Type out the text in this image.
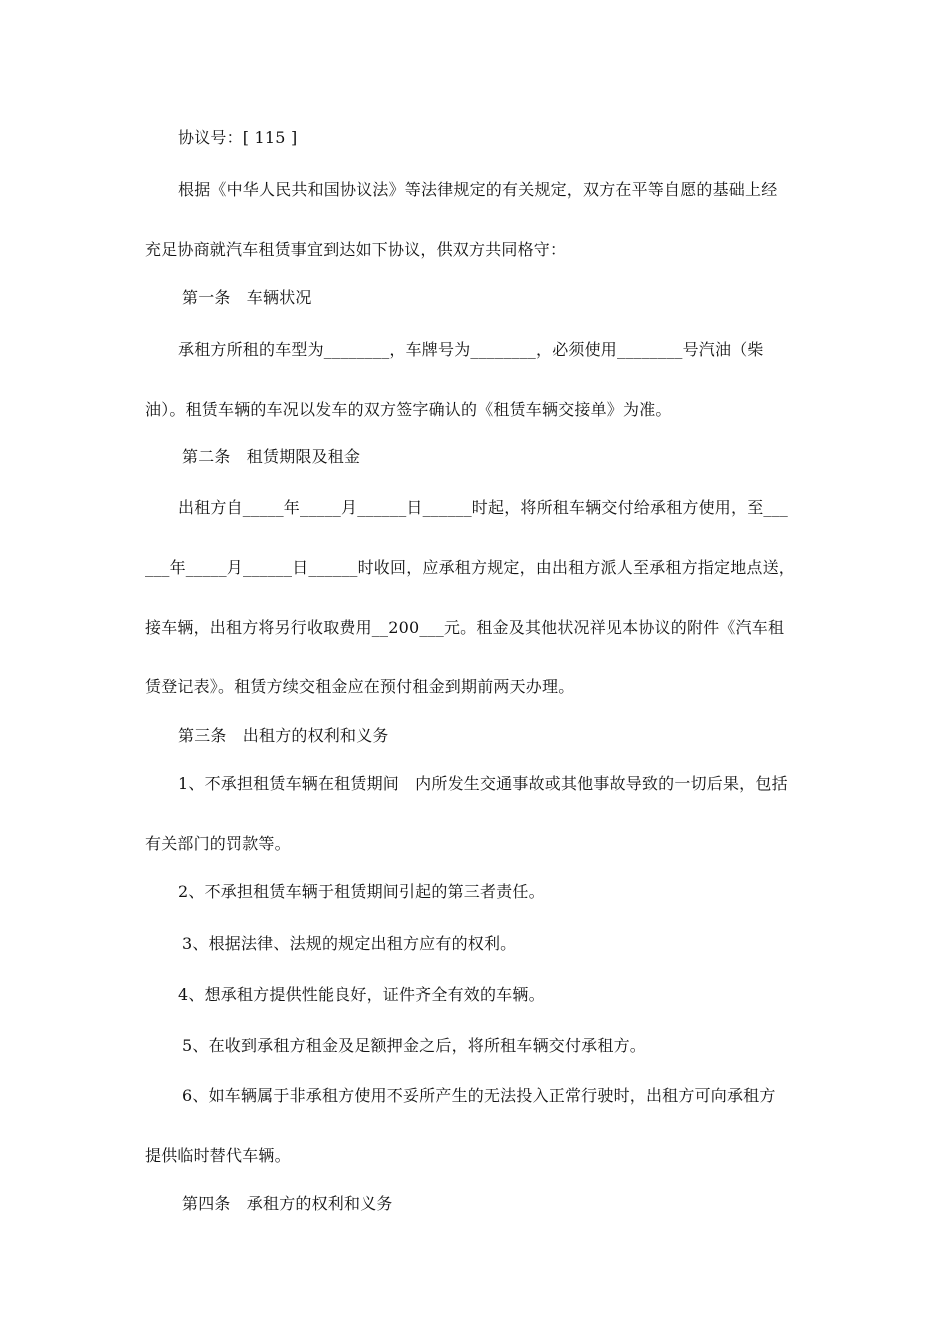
协议号：[ 115 ]
根据《中华人民共和国协议法》等法律规定的有关规定，双方在平等自愿的基础上经
充足协商就汽车租赁事宜到达如下协议，供双方共同格守：
第一条　车辆状况
承租方所租的车型为________，车牌号为________，必须使用________号汽油（柴
油）。租赁车辆的车况以发车的双方签字确认的《租赁车辆交接单》为准。
第二条　租赁期限及租金
出租方自_____年_____月______日______时起，将所租车辆交付给承租方使用，至___
___年_____月______日______时收回，应承租方规定，由出租方派人至承租方指定地点送，
接车辆，出租方将另行收取费用__200___元。租金及其他状况祥见本协议的附件《汽车租
赁登记表》。租赁方续交租金应在预付租金到期前两天办理。
第三条　出租方的权利和义务
1、不承担租赁车辆在租赁期间　内所发生交通事故或其他事故导致的一切后果，包括
有关部门的罚款等。
2、不承担租赁车辆于租赁期间引起的第三者责任。
3、根据法律、法规的规定出租方应有的权利。
4、想承租方提供性能良好，证件齐全有效的车辆。
5、在收到承租方租金及足额押金之后，将所租车辆交付承租方。
6、如车辆属于非承租方使用不妥所产生的无法投入正常行驶时，出租方可向承租方
提供临时替代车辆。
第四条　承租方的权利和义务
